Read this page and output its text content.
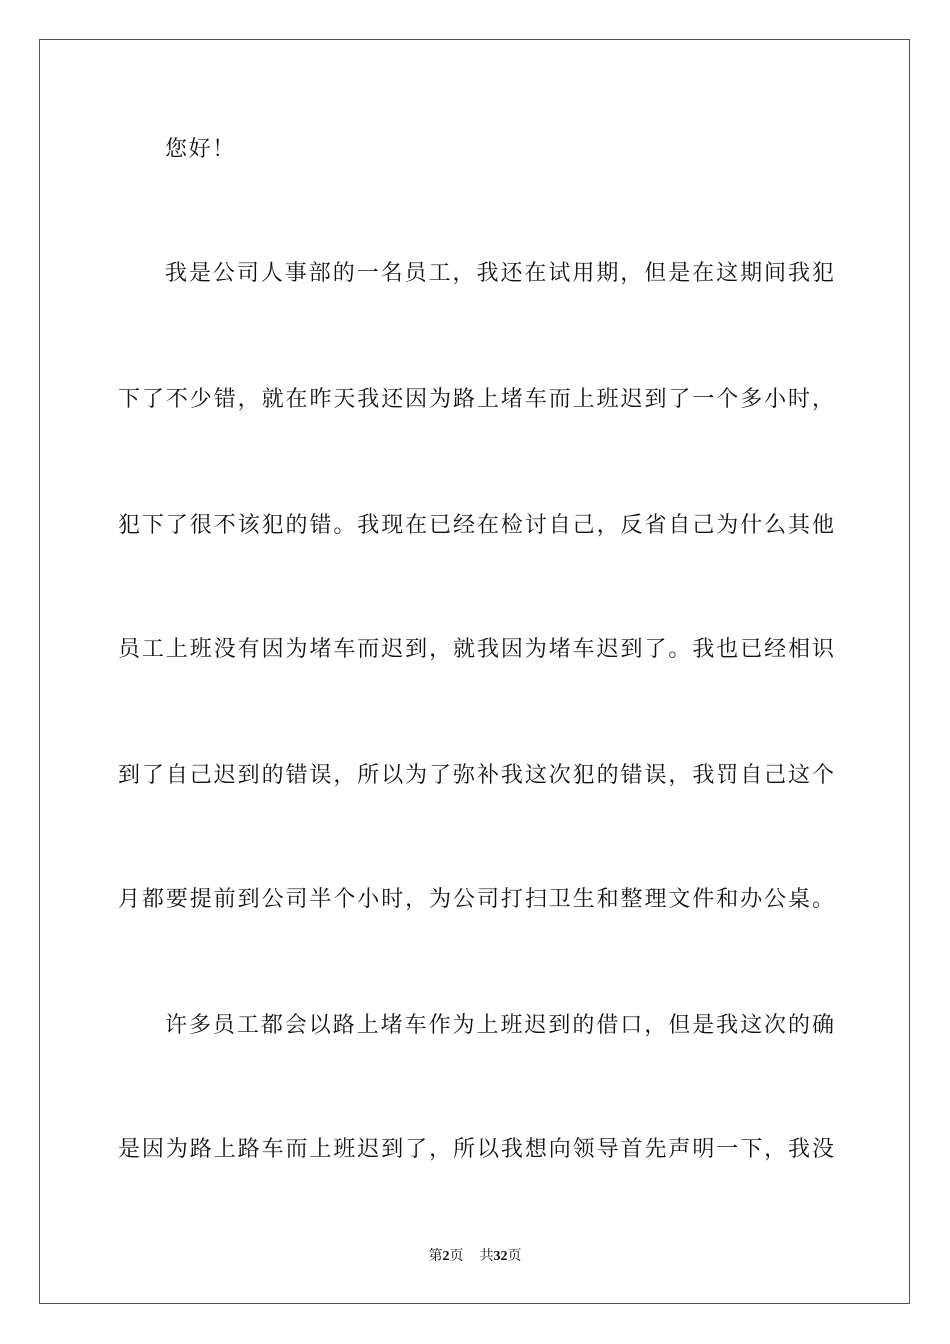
您好！
我是公司人事部的一名员工，我还在试用期，但是在这期间我犯
下了不少错，就在昨天我还因为路上堵车而上班迟到了一个多小时，
犯下了很不该犯的错。我现在已经在检讨自己，反省自己为什么其他
员工上班没有因为堵车而迟到，就我因为堵车迟到了。我也已经相识
到了自己迟到的错误，所以为了弥补我这次犯的错误，我罚自己这个
月都要提前到公司半个小时，为公司打扫卫生和整理文件和办公桌。
许多员工都会以路上堵车作为上班迟到的借口，但是我这次的确
是因为路上路车而上班迟到了，所以我想向领导首先声明一下，我没
第2页 共32页
